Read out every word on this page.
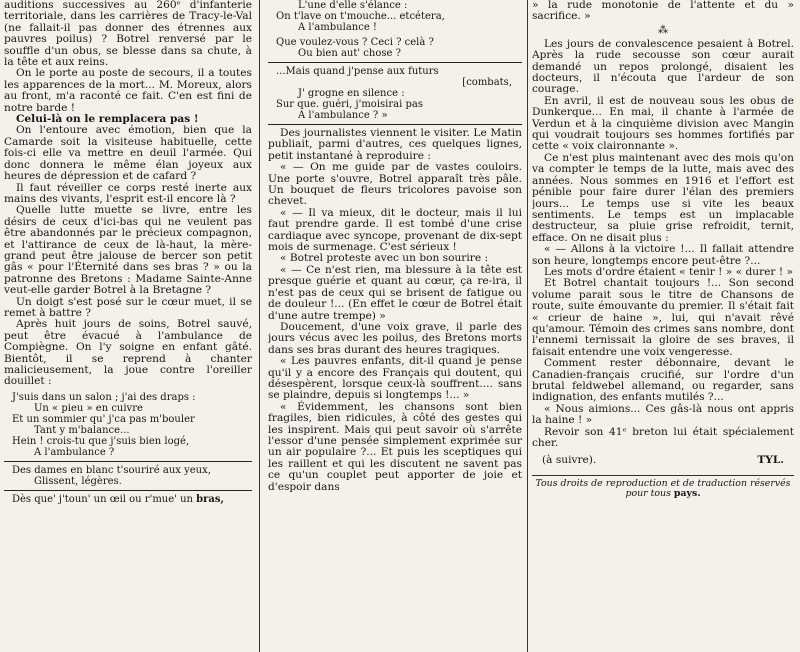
auditions successives au 260ᵉ d'infanterie territoriale, dans les carrières de Tracy-le-Val (ne fallait-il pas donner des étrennes aux pauvres poilus) ? Botrel renversé par le souffle d'un obus, se blesse dans sa chute, à la tête et aux reins.

On le porte au poste de secours, il a toutes les apparences de la mort... M. Moreux, alors au front, m'a raconté ce fait. C'en est fini de notre barde !

Celui-là on le remplacera pas !

On l'entoure avec émotion, bien que la Camarde soit la visiteuse habituelle, cette fois-ci elle va mettre en deuil l'armée. Qui donc donnera le même élan joyeux aux heures de dépression et de cafard ?

Il faut réveiller ce corps resté inerte aux mains des vivants, l'esprit est-il encore là ?

Quelle lutte muette se livre, entre les désirs de ceux d'ici-bas qui ne veulent pas être abandonnés par le précieux compagnon, et l'attirance de ceux de là-haut, la mère-grand peut être jalouse de bercer son petit gâs « pour l'Éternité dans ses bras ? » ou la patronne des Bretons : Madame Sainte-Anne veut-elle garder Botrel à la Bretagne ?

Un doigt s'est posé sur le cœur muet, il se remet à battre ?

Après huit jours de soins, Botrel sauvé, peut être évacué à l'ambulance de Compiègne. On l'y soigne en enfant gâté. Bientôt, il se reprend à chanter malicieusement, la joue contre l'oreiller douillet :

J'suis dans un salon ; j'ai des draps :

Un « pieu » en cuivre

Et un sommier qu' j'ca pas m'bouler

Tant y m'balance...

Hein ! crois-tu que j'suis bien logé,

A l'ambulance ?

Des dames en blanc t'souriré aux yeux,

Glissent, légères.

Dès que' j'toun' un œil ou r'mue' un bras,

L'une d'elle s'élance :

On t'lave on t'mouche... etcétera,

A l'ambulance !

Que voulez-vous ? Ceci ? celà ?

Ou bien aut' chose ?

...Mais quand j'pense aux futurs

[combats,

J' grogne en silence :

Sur que. guéri, j'moisirai pas

A l'ambulance ? »

Des journalistes viennent le visiter. Le Matin publiait, parmi d'autres, ces quelques lignes, petit instantané à reproduire :

« — On me guide par de vastes couloirs. Une porte s'ouvre, Botrel apparaît très pâle. Un bouquet de fleurs tricolores pavoise son chevet.

« — Il va mieux, dit le docteur, mais il lui faut prendre garde. Il est tombé d'une crise cardiaque avec syncope, provenant de dix-sept mois de surmenage. C'est sérieux !

« Botrel proteste avec un bon sourire :

« — Ce n'est rien, ma blessure à la tête est presque guérie et quant au cœur, ça re-ira, il n'est pas de ceux qui se brisent de fatigue ou de douleur !... (En effet le cœur de Botrel était d'une autre trempe) »

Doucement, d'une voix grave, il parle des jours vécus avec les poilus, des Bretons morts dans ses bras durant des heures tragiques.

« Les pauvres enfants, dit-il quand je pense qu'il y a encore des Français qui doutent, qui désespèrent, lorsque ceux-là souffrent.... sans se plaindre, depuis si longtemps !... »

« Évidemment, les chansons sont bien fragiles, bien ridicules, à côté des gestes qui les inspirent. Mais qui peut savoir où s'arrête l'essor d'une pensée simplement exprimée sur un air populaire ?... Et puis les sceptiques qui les raillent et qui les discutent ne savent pas ce qu'un couplet peut apporter de joie et d'espoir dans

» la rude monotonie de l'attente et du » sacrifice. »

⁂

Les jours de convalescence pesaient à Botrel. Après la rude secousse son cœur aurait demandé un repos prolongé, disaient les docteurs, il n'écouta que l'ardeur de son courage.

En avril, il est de nouveau sous les obus de Dunkerque... En mai, il chante à l'armée de Verdun et à la cinquième division avec Mangin qui voudrait toujours ses hommes fortifiés par cette « voix claironnante ».

Ce n'est plus maintenant avec des mois qu'on va compter le temps de la lutte, mais avec des années. Nous sommes en 1916 et l'effort est pénible pour faire durer l'élan des premiers jours... Le temps use si vite les beaux sentiments. Le temps est un implacable destructeur, sa pluie grise refroidit, ternit, efface. On ne disait plus :

« — Allons à la victoire !... Il fallait attendre son heure, longtemps encore peut-être ?...

Les mots d'ordre étaient « tenir ! » « durer ! »

Et Botrel chantait toujours !... Son second volume parait sous le titre de Chansons de route, suite émouvante du premier. Il s'était fait « crieur de haine », lui, qui n'avait rêvé qu'amour. Témoin des crimes sans nombre, dont l'ennemi ternissait la gloire de ses braves, il faisait entendre une voix vengeresse.

Comment rester débonnaire, devant le Canadien-français crucifié, sur l'ordre d'un brutal feldwebel allemand, ou regarder, sans indignation, des enfants mutilés ?...

« Nous aimions... Ces gâs-là nous ont appris la haine ! »

Revoir son 41ᵉ breton lui était spécialement cher.

(à suivre).	TYL.

Tous droits de reproduction et de traduction réservés pour tous pays.
